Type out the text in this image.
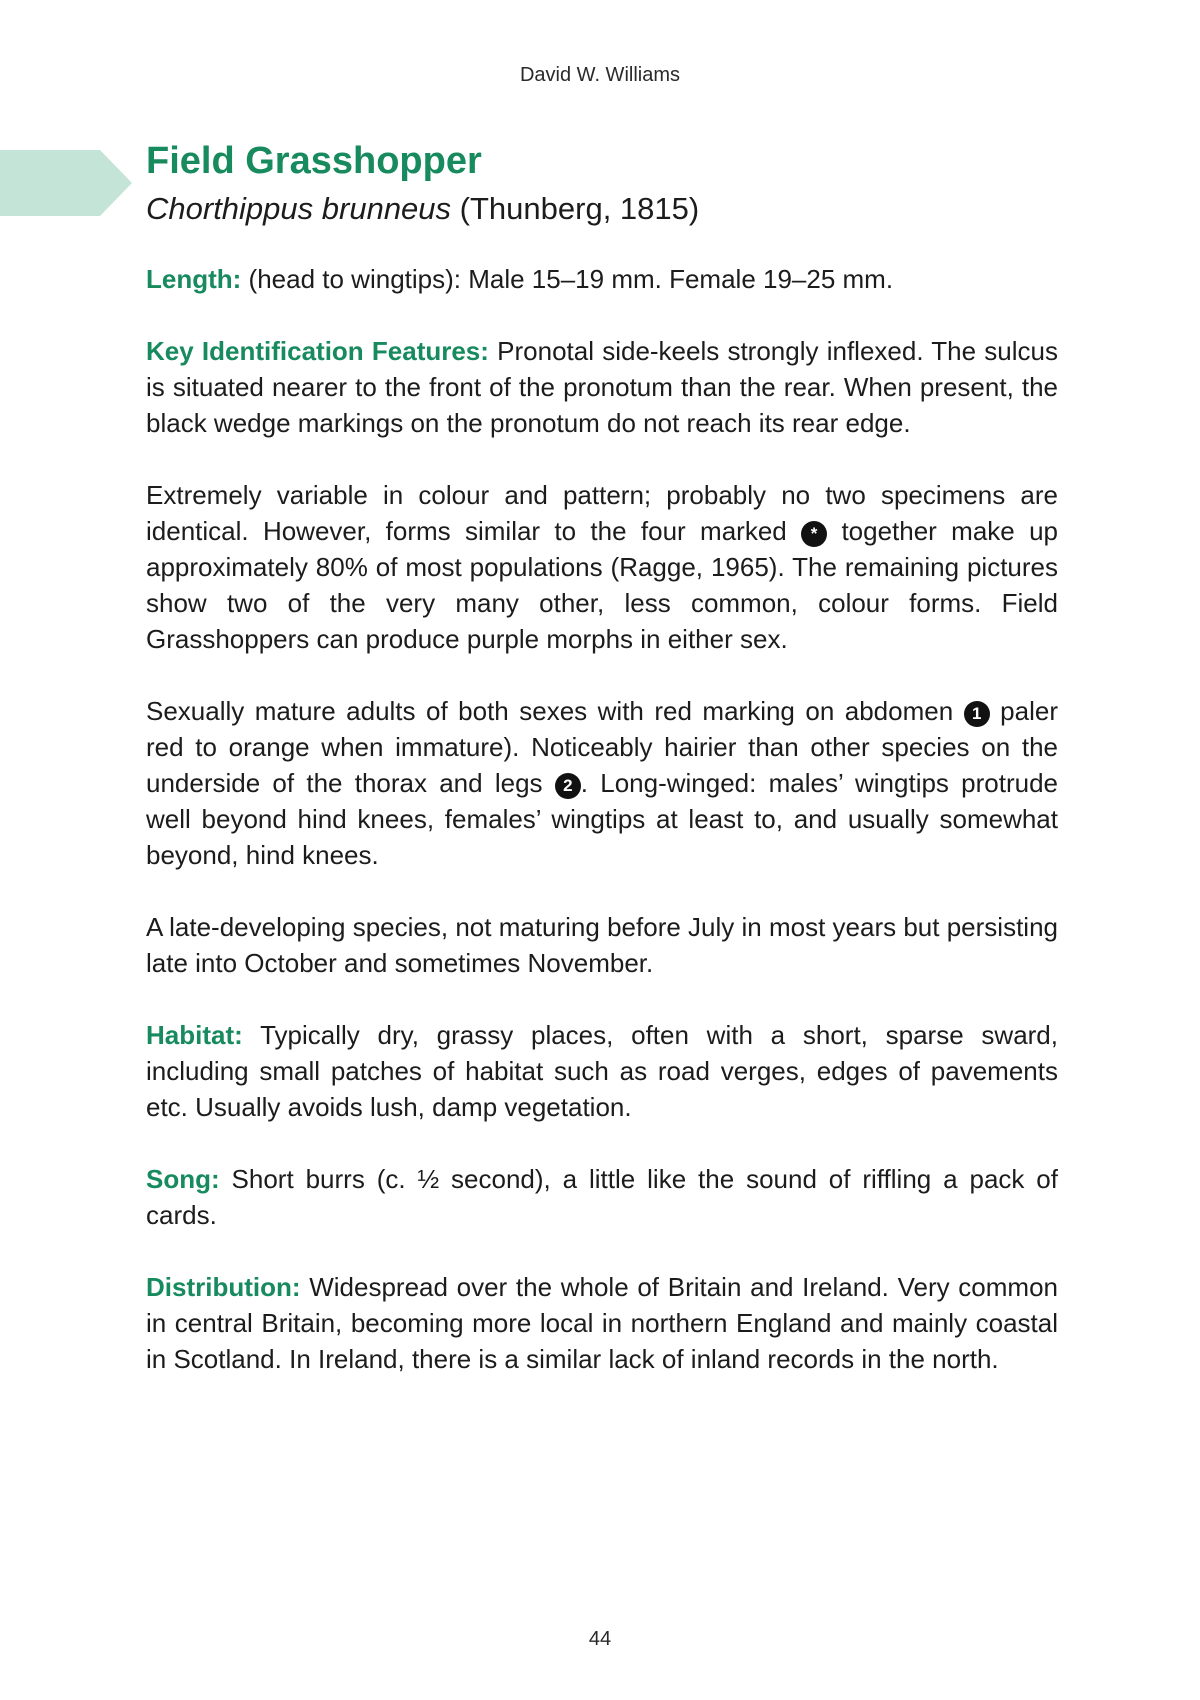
David W. Williams
Field Grasshopper

Chorthippus brunneus (Thunberg, 1815)

Length: (head to wingtips): Male 15–19 mm. Female 19–25 mm.

Key Identification Features: Pronotal side-keels strongly inflexed. The sulcus is situated nearer to the front of the pronotum than the rear. When present, the black wedge markings on the pronotum do not reach its rear edge.

Extremely variable in colour and pattern; probably no two specimens are identical. However, forms similar to the four marked * together make up approximately 80% of most populations (Ragge, 1965). The remaining pictures show two of the very many other, less common, colour forms. Field Grasshoppers can produce purple morphs in either sex.

Sexually mature adults of both sexes with red marking on abdomen 1 paler red to orange when immature). Noticeably hairier than other species on the underside of the thorax and legs 2 . Long-winged: males’ wingtips protrude well beyond hind knees, females’ wingtips at least to, and usually somewhat beyond, hind knees.

A late-developing species, not maturing before July in most years but persisting late into October and sometimes November.

Habitat: Typically dry, grassy places, often with a short, sparse sward, including small patches of habitat such as road verges, edges of pavements etc. Usually avoids lush, damp vegetation.

Song: Short burrs (c. ½ second), a little like the sound of riffling a pack of cards.

Distribution: Widespread over the whole of Britain and Ireland. Very common in central Britain, becoming more local in northern England and mainly coastal in Scotland. In Ireland, there is a similar lack of inland records in the north.

44
